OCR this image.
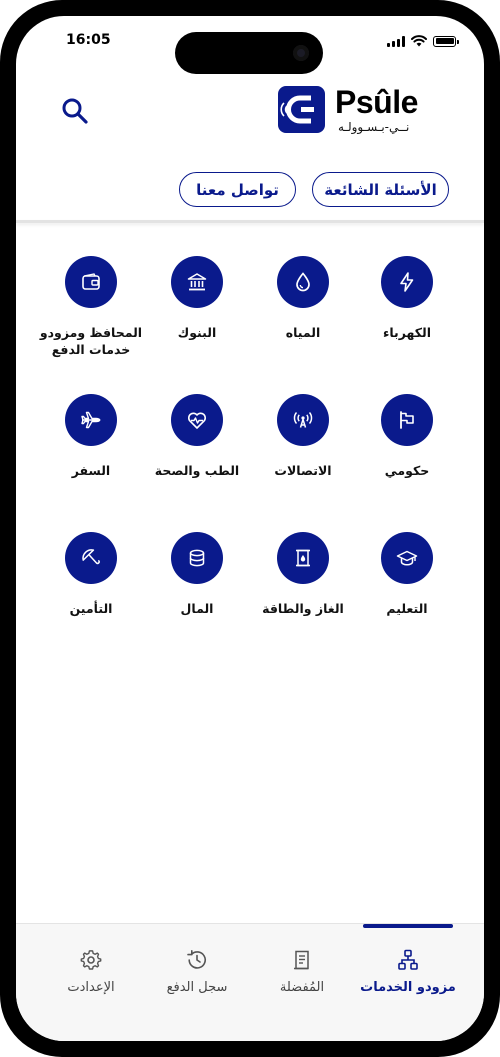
16:05
Psûle
نــي-بـسـوولـه
الأسئلة الشائعة
تواصل معنا
الكهرباء
المياه
البنوك
المحافظ ومزودو خدمات الدفع
حكومي
الاتصالات
الطب والصحة
السفر
التعليم
الغاز والطاقة
المال
التأمين
مزودو الخدمات
المُفضلة
سجل الدفع
الإعدادت
